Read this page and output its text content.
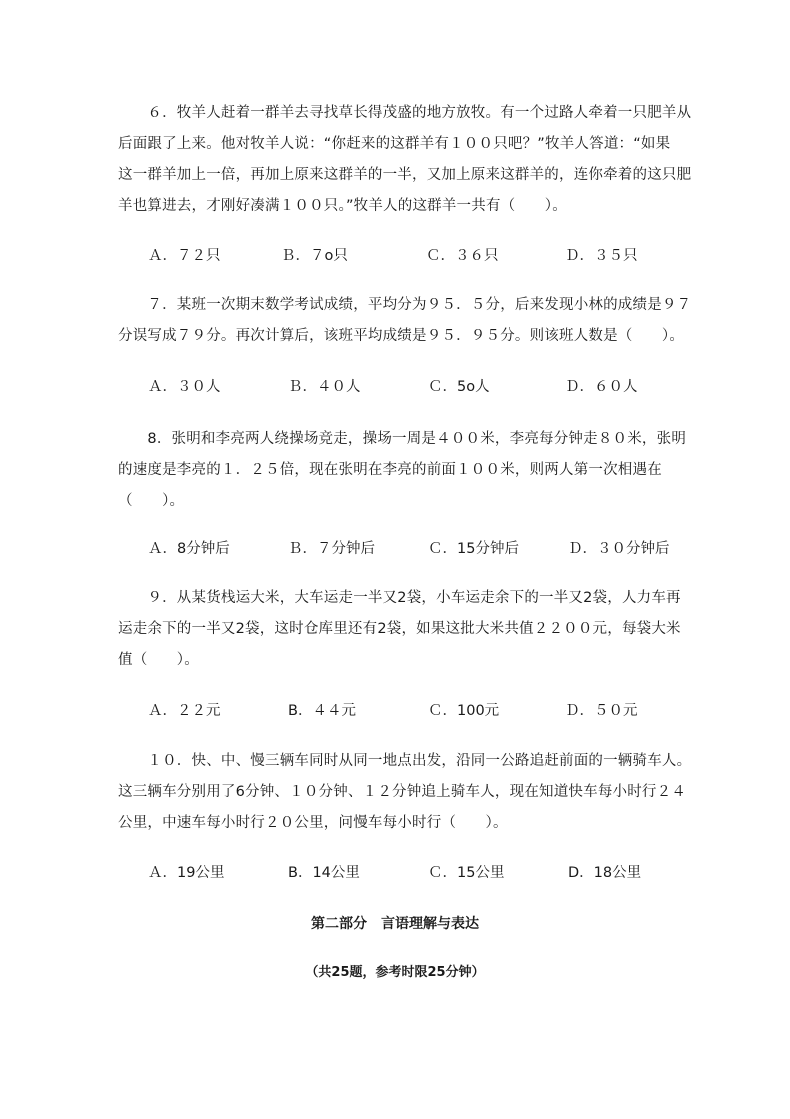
　　６．牧羊人赶着一群羊去寻找草长得茂盛的地方放牧。有一个过路人牵着一只肥羊从
后面跟了上来。他对牧羊人说：“你赶来的这群羊有１００只吧？”牧羊人答道：“如果
这一群羊加上一倍，再加上原来这群羊的一半，又加上原来这群羊的，连你牵着的这只肥
羊也算进去，才刚好凑满１００只。”牧羊人的这群羊一共有（　　）。
Ａ．７２只	Ｂ．７o只	Ｃ．３６只	Ｄ．３５只
　　７．某班一次期末数学考试成绩，平均分为９５．５分，后来发现小林的成绩是９７
分误写成７９分。再次计算后，该班平均成绩是９５．９５分。则该班人数是（　　）。
Ａ．３０人	Ｂ．４０人	Ｃ．5o人	Ｄ．６０人
　　8．张明和李亮两人绕操场竞走，操场一周是４００米，李亮每分钟走８０米，张明
的速度是李亮的１．２５倍，现在张明在李亮的前面１００米，则两人第一次相遇在
（　　）。
Ａ．8分钟后	Ｂ．７分钟后	Ｃ．15分钟后	Ｄ．３０分钟后
　　９．从某货栈运大米，大车运走一半又2袋，小车运走余下的一半又2袋，人力车再
运走余下的一半又2袋，这时仓库里还有2袋，如果这批大米共值２２００元，每袋大米
值（　　）。
Ａ．２２元	B．４４元	Ｃ．100元	Ｄ．５０元
　　１０．快、中、慢三辆车同时从同一地点出发，沿同一公路追赶前面的一辆骑车人。
这三辆车分别用了6分钟、１０分钟、１２分钟追上骑车人，现在知道快车每小时行２４
公里，中速车每小时行２０公里，问慢车每小时行（　　）。
Ａ．19公里	B．14公里	Ｃ．15公里	D．18公里
第二部分　言语理解与表达
（共25题，参考时限25分钟）
